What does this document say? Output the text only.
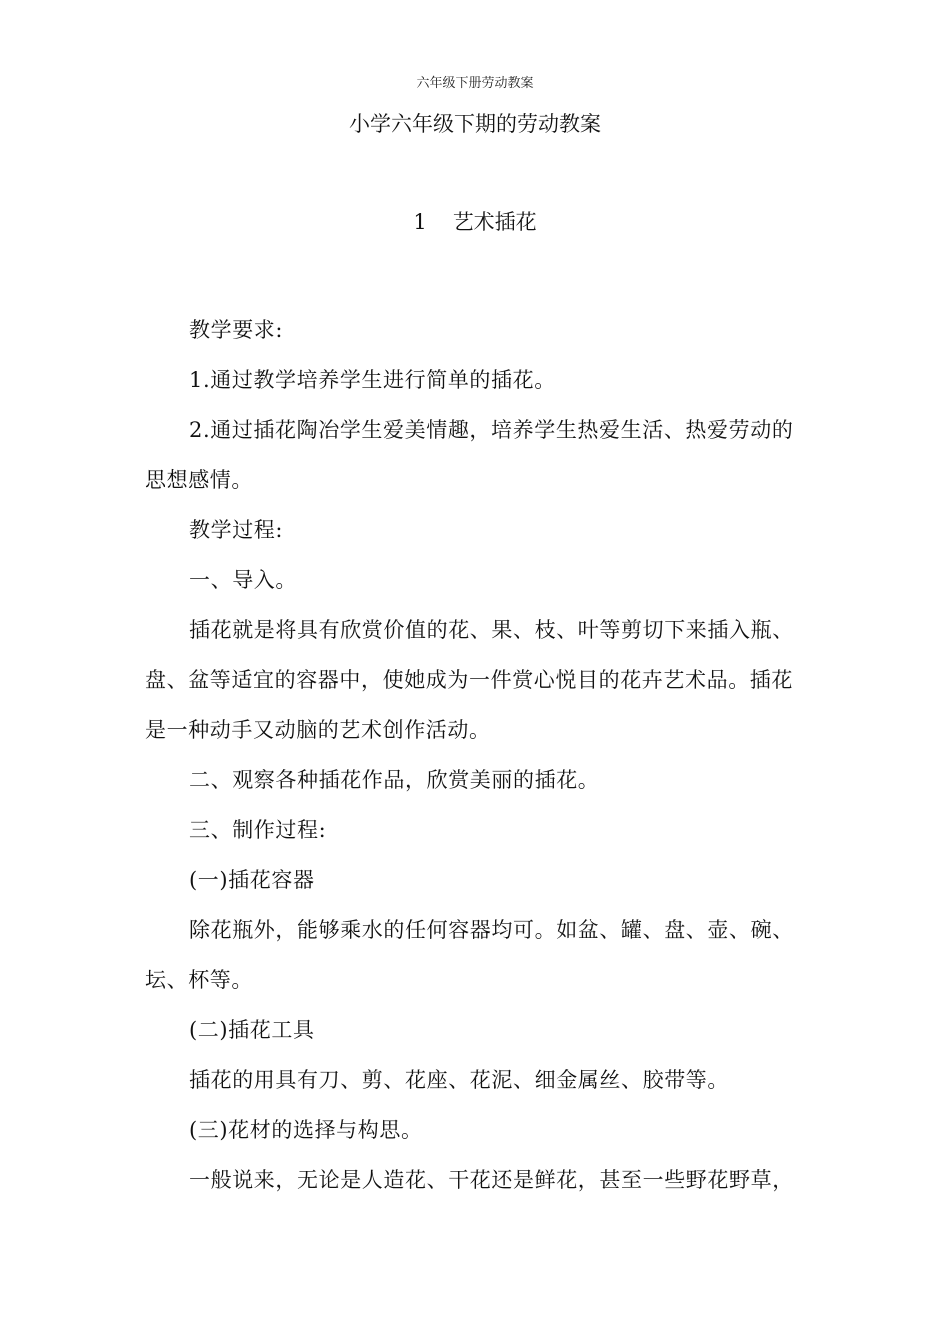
六年级下册劳动教案
小学六年级下期的劳动教案
1 艺术插花
教学要求:
1.通过教学培养学生进行简单的插花。
2.通过插花陶冶学生爱美情趣，培养学生热爱生活、热爱劳动的
思想感情。
教学过程:
一、导入。
插花就是将具有欣赏价值的花、果、枝、叶等剪切下来插入瓶、
盘、盆等适宜的容器中，使她成为一件赏心悦目的花卉艺术品。插花
是一种动手又动脑的艺术创作活动。
二、观察各种插花作品，欣赏美丽的插花。
三、制作过程:
(一)插花容器
除花瓶外，能够乘水的任何容器均可。如盆、罐、盘、壶、碗、
坛、杯等。
(二)插花工具
插花的用具有刀、剪、花座、花泥、细金属丝、胶带等。
(三)花材的选择与构思。
一般说来，无论是人造花、干花还是鲜花，甚至一些野花野草，
